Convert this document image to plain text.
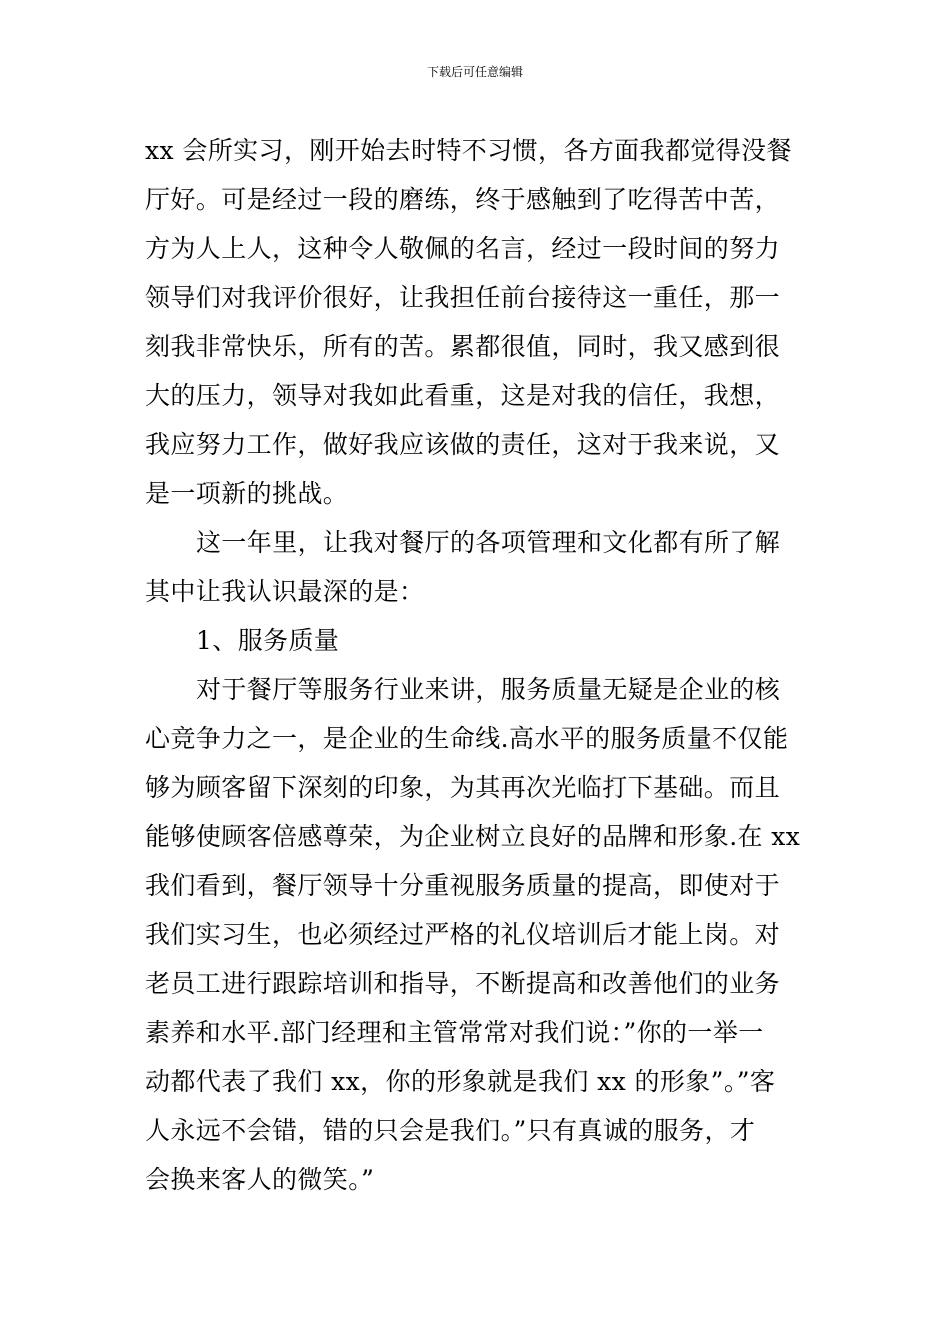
下载后可任意编辑
xx 会所实习，刚开始去时特不习惯，各方面我都觉得没餐
厅好。可是经过一段的磨练，终于感触到了吃得苦中苦，
方为人上人，这种令人敬佩的名言，经过一段时间的努力
领导们对我评价很好，让我担任前台接待这一重任，那一
刻我非常快乐，所有的苦。累都很值，同时，我又感到很
大的压力，领导对我如此看重，这是对我的信任，我想，
我应努力工作，做好我应该做的责任，这对于我来说，又
是一项新的挑战。
这一年里，让我对餐厅的各项管理和文化都有所了解
其中让我认识最深的是：
1、服务质量
对于餐厅等服务行业来讲，服务质量无疑是企业的核
心竞争力之一，是企业的生命线.高水平的服务质量不仅能
够为顾客留下深刻的印象，为其再次光临打下基础。而且
能够使顾客倍感尊荣，为企业树立良好的品牌和形象.在 xx
我们看到，餐厅领导十分重视服务质量的提高，即使对于
我们实习生，也必须经过严格的礼仪培训后才能上岗。对
老员工进行跟踪培训和指导，不断提高和改善他们的业务
素养和水平.部门经理和主管常常对我们说：”你的一举一
动都代表了我们 xx，你的形象就是我们 xx 的形象”。”客
人永远不会错，错的只会是我们。”只有真诚的服务，才
会换来客人的微笑。”
